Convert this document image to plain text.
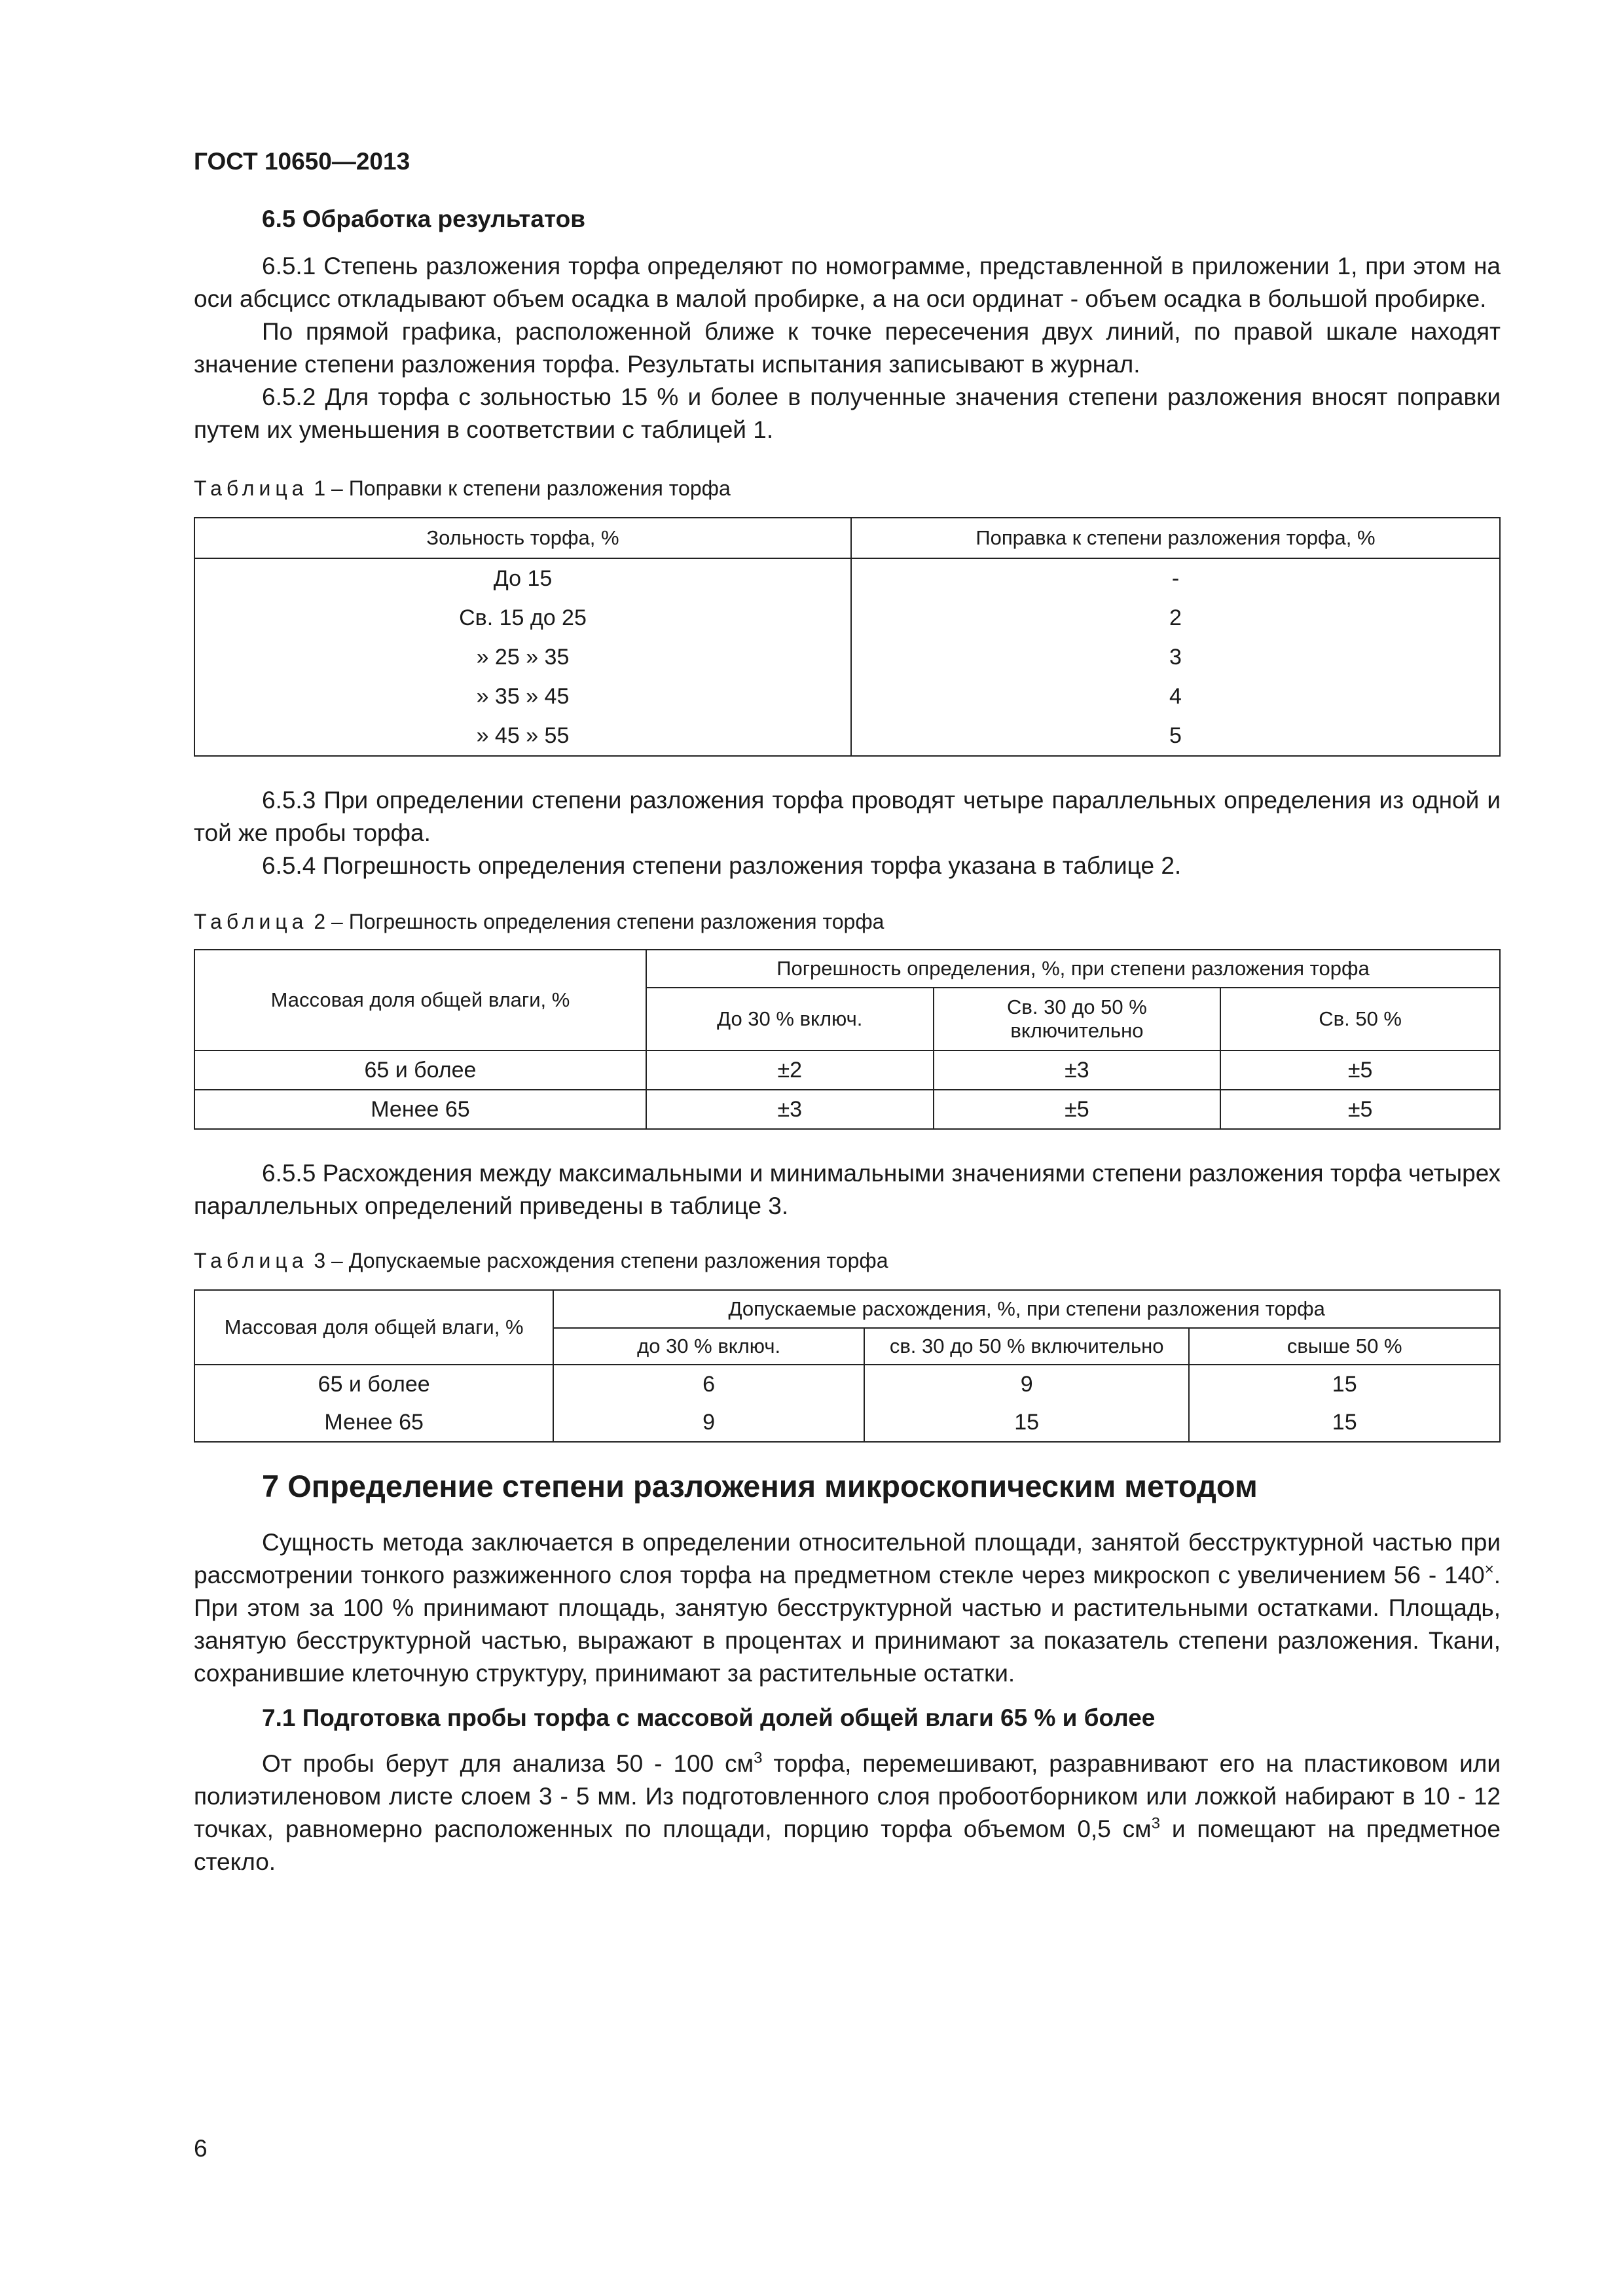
ГОСТ 10650—2013
6.5 Обработка результатов

6.5.1 Степень разложения торфа определяют по номограмме, представленной в приложении 1, при этом на оси абсцисс откладывают объем осадка в малой пробирке, а на оси ординат - объем осадка в большой пробирке.

По прямой графика, расположенной ближе к точке пересечения двух линий, по правой шкале находят значение степени разложения торфа. Результаты испытания записывают в журнал.

6.5.2 Для торфа с зольностью 15 % и более в полученные значения степени разложения вносят поправки путем их уменьшения в соответствии с таблицей 1.

Таблица 1 – Поправки к степени разложения торфа
Зольность торфа, %	Поправка к степени разложения торфа, %
До 15	-
Св. 15 до 25	2
» 25 » 35	3
» 35 » 45	4
» 45 » 55	5

6.5.3 При определении степени разложения торфа проводят четыре параллельных определения из одной и той же пробы торфа.

6.5.4 Погрешность определения степени разложения торфа указана в таблице 2.

Таблица 2 – Погрешность определения степени разложения торфа
Массовая доля общей влаги, %	Погрешность определения, %, при степени разложения торфа		
	До 30 % включ.	Св. 30 до 50 % включительно	Св. 50 %
65 и более	±2	±3	±5
Менее 65	±3	±5	±5

6.5.5 Расхождения между максимальными и минимальными значениями степени разложения торфа четырех параллельных определений приведены в таблице 3.

Таблица 3 – Допускаемые расхождения степени разложения торфа
Массовая доля общей влаги, %	Допускаемые расхождения, %, при степени разложения торфа		
	до 30 % включ.	св. 30 до 50 % включительно	свыше 50 %
65 и более	6	9	15
Менее 65	9	15	15
7 Определение степени разложения микроскопическим методом

Сущность метода заключается в определении относительной площади, занятой бесструктурной частью при рассмотрении тонкого разжиженного слоя торфа на предметном стекле через микроскоп с увеличением 56 - 140×. При этом за 100 % принимают площадь, занятую бесструктурной частью и растительными остатками. Площадь, занятую бесструктурной частью, выражают в процентах и принимают за показатель степени разложения. Ткани, сохранившие клеточную структуру, принимают за растительные остатки.

7.1 Подготовка пробы торфа с массовой долей общей влаги 65 % и более

От пробы берут для анализа 50 - 100 $см^3$ торфа, перемешивают, разравнивают его на пластиковом или полиэтиленовом листе слоем 3 - 5 мм. Из подготовленного слоя пробоотборником или ложкой набирают в 10 - 12 точках, равномерно расположенных по площади, порцию торфа объемом 0,5 $см^3$ и помещают на предметное стекло.

6
